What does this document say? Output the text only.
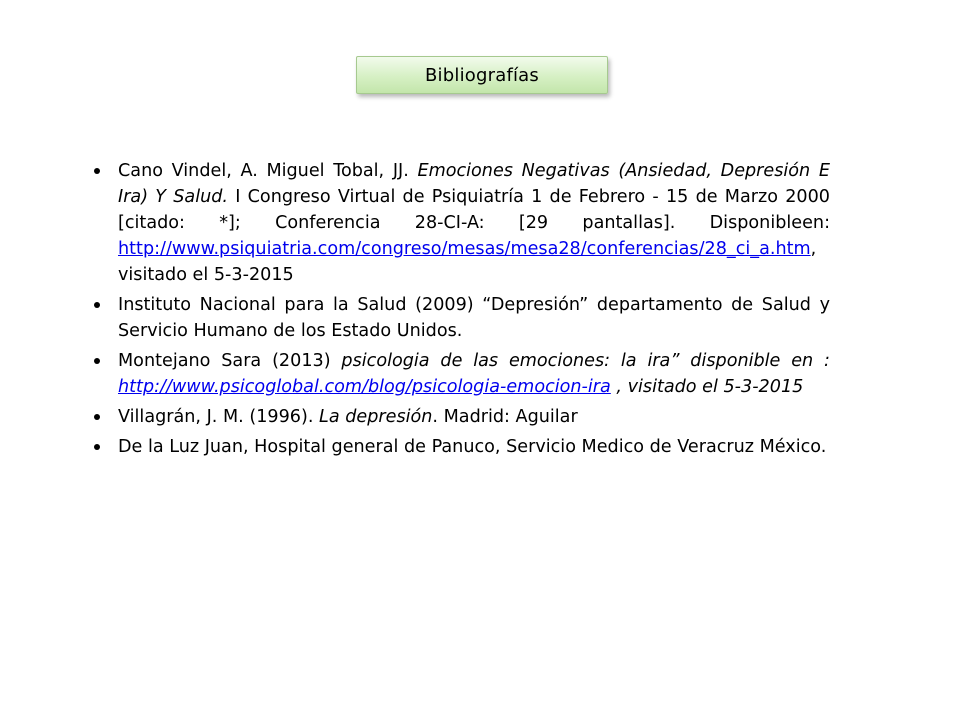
Bibliografías
Cano Vindel, A. Miguel Tobal, JJ. Emociones Negativas (Ansiedad, Depresión E Ira) Y Salud. I Congreso Virtual de Psiquiatría 1 de Febrero - 15 de Marzo 2000 [citado: *]; Conferencia 28-CI-A: [29 pantallas]. Disponibleen: http://www.psiquiatria.com/congreso/mesas/mesa28/conferencias/28_ci_a.htm, visitado el 5-3-2015
Instituto Nacional para la Salud (2009) “Depresión” departamento de Salud y Servicio Humano de los Estado Unidos.
Montejano Sara (2013) psicologia de las emociones: la ira” disponible en : http://www.psicoglobal.com/blog/psicologia-emocion-ira , visitado el 5-3-2015
Villagrán, J. M. (1996). La depresión. Madrid: Aguilar
De la Luz Juan, Hospital general de Panuco, Servicio Medico de Veracruz México.
